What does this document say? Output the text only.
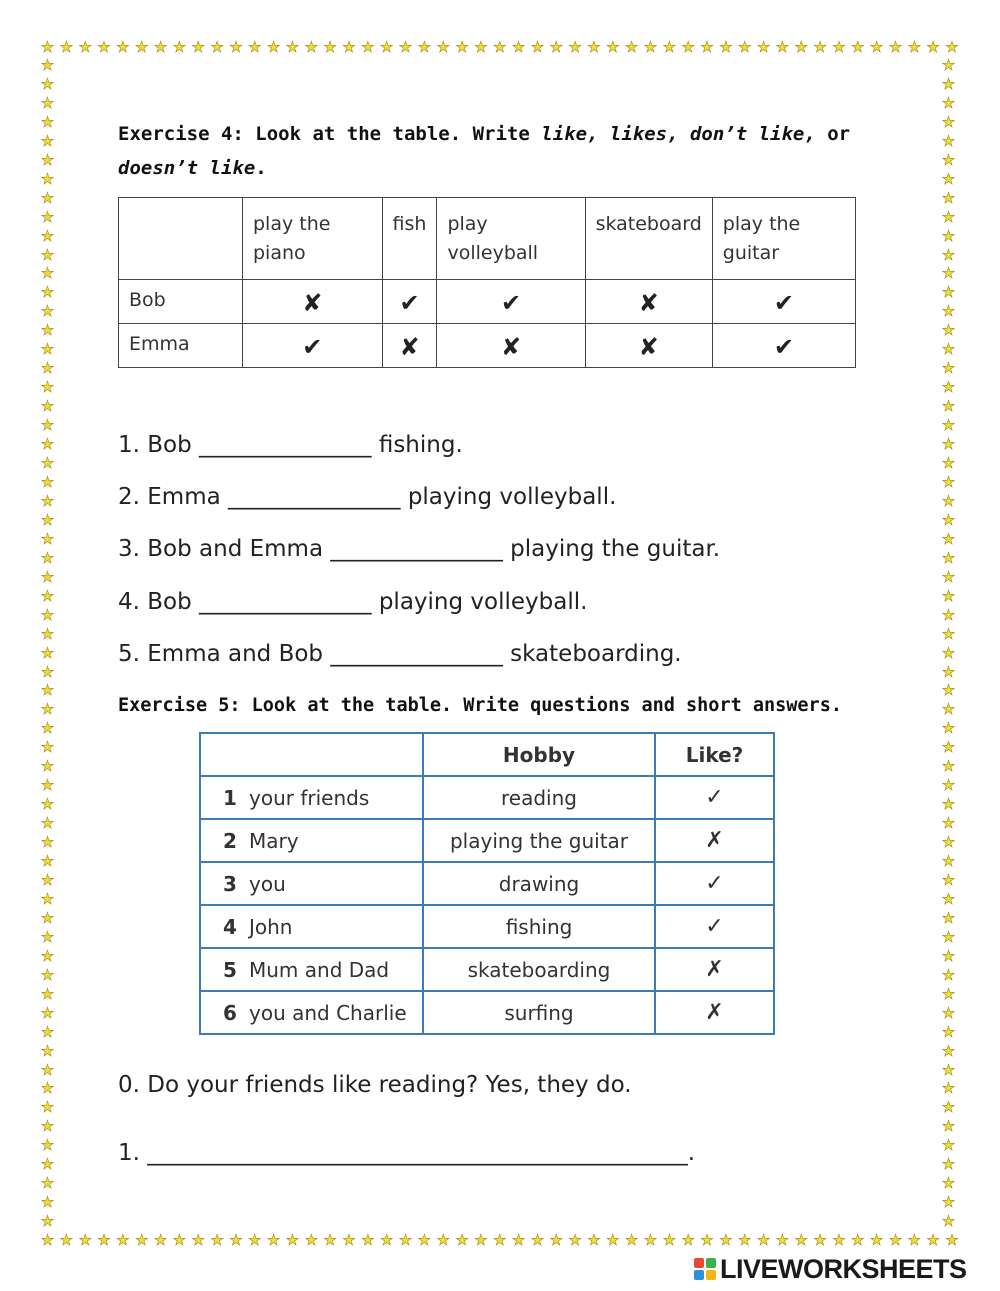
★ ★ ★ ★ ★ ★ ★ ★ ★ ★ ★ ★ ★ ★ ★ ★ ★ ★ ★ ★ ★ ★ ★ ★ ★ ★ ★ ★ ★ ★ ★ ★ ★ ★ ★ ★ ★ ★ ★ ★ ★ ★ ★ ★ ★ ★ ★ ★ ★
★ ★ ★ ★ ★ ★ ★ ★ ★ ★ ★ ★ ★ ★ ★ ★ ★ ★ ★ ★ ★ ★ ★ ★ ★ ★ ★ ★ ★ ★ ★ ★ ★ ★ ★ ★ ★ ★ ★ ★ ★ ★ ★ ★ ★ ★ ★ ★ ★
★
★
★
★
★
★
★
★
★
★
★
★
★
★
★
★
★
★
★
★
★
★
★
★
★
★
★
★
★
★
★
★
★
★
★
★
★
★
★
★
★
★
★
★
★
★
★
★
★
★
★
★
★
★
★
★
★
★
★
★
★
★
★
★
★
★
★
★
★
★
★
★
★
★
★
★
★
★
★
★
★
★
★
★
★
★
★
★
★
★
★
★
★
★
★
★
★
★
★
★
★
★
★
★
★
★
★
★
★
★
★
★
★
★
★
★
★
★
★
★
★
★
★
★
Exercise 4: Look at the table. Write like, likes, don’t like, or
doesn’t like.
	play the piano	fish	play volleyball	skateboard	play the guitar
Bob	✘	✔	✔	✘	✔
Emma	✔	✘	✘	✘	✔
1. Bob _______________ fishing.
2. Emma _______________ playing volleyball.
3. Bob and Emma _______________ playing the guitar.
4. Bob _______________ playing volleyball.
5. Emma and Bob _______________ skateboarding.
Exercise 5: Look at the table. Write questions and short answers.
	Hobby	Like?
1 your friends	reading	✓
2 Mary	playing the guitar	✗
3 you	drawing	✓
4 John	fishing	✓
5 Mum and Dad	skateboarding	✗
6 you and Charlie	surfing	✗
0. Do your friends like reading? Yes, they do.
1. _______________________________________________.
LIVEWORKSHEETS
